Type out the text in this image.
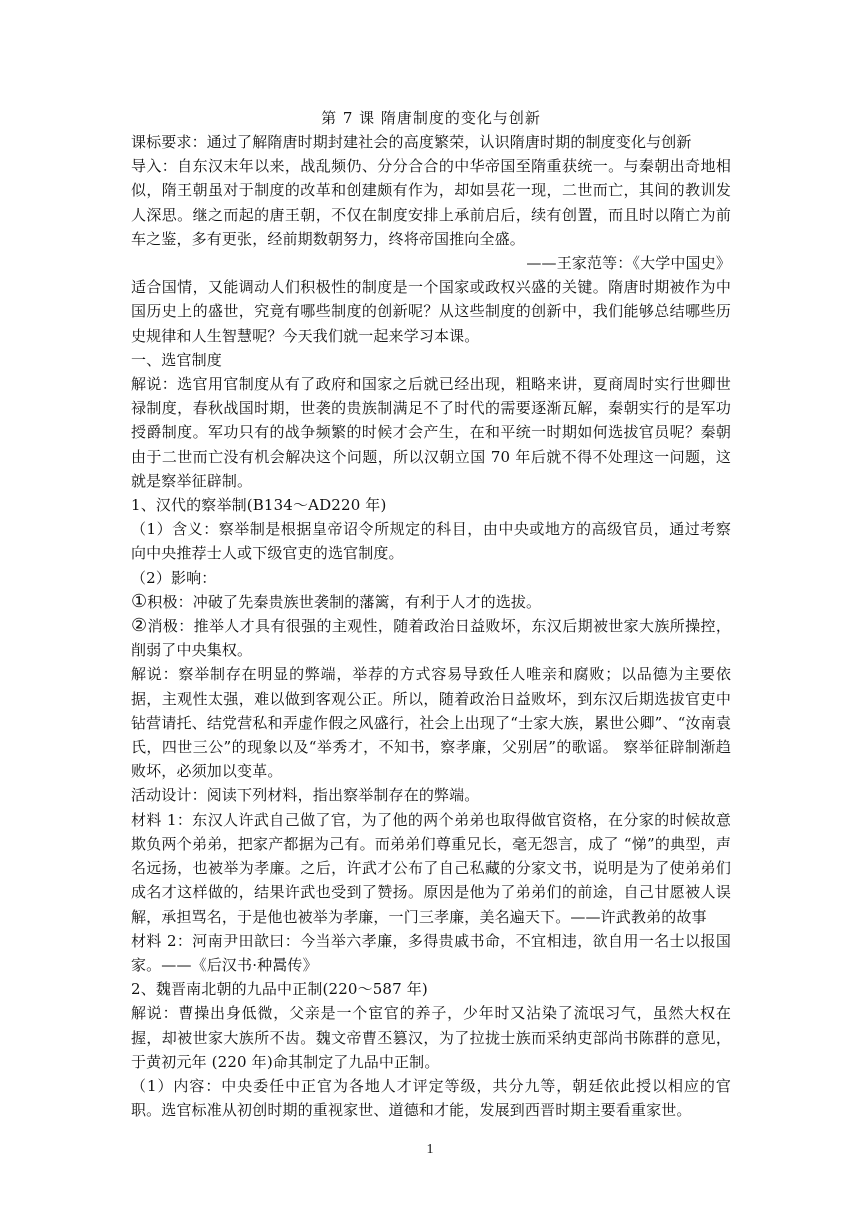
第 7 课 隋唐制度的变化与创新

课标要求：通过了解隋唐时期封建社会的高度繁荣，认识隋唐时期的制度变化与创新

导入：自东汉末年以来，战乱频仍、分分合合的中华帝国至隋重获统一。与秦朝出奇地相似，隋王朝虽对于制度的改革和创建颇有作为，却如昙花一现，二世而亡，其间的教训发人深思。继之而起的唐王朝，不仅在制度安排上承前启后，续有创置，而且时以隋亡为前车之鉴，多有更张，经前期数朝努力，终将帝国推向全盛。

——王家范等：《大学中国史》

适合国情，又能调动人们积极性的制度是一个国家或政权兴盛的关键。隋唐时期被作为中国历史上的盛世，究竟有哪些制度的创新呢？从这些制度的创新中，我们能够总结哪些历史规律和人生智慧呢？今天我们就一起来学习本课。

一、选官制度

解说：选官用官制度从有了政府和国家之后就已经出现，粗略来讲，夏商周时实行世卿世禄制度，春秋战国时期，世袭的贵族制满足不了时代的需要逐渐瓦解，秦朝实行的是军功授爵制度。军功只有的战争频繁的时候才会产生，在和平统一时期如何选拔官员呢？秦朝由于二世而亡没有机会解决这个问题，所以汉朝立国 70 年后就不得不处理这一问题，这就是察举征辟制。

1、汉代的察举制(B134～AD220 年)

（1）含义：察举制是根据皇帝诏令所规定的科目，由中央或地方的高级官员，通过考察向中央推荐士人或下级官吏的选官制度。

（2）影响：

①积极：冲破了先秦贵族世袭制的藩篱，有利于人才的选拔。

②消极：推举人才具有很强的主观性，随着政治日益败坏，东汉后期被世家大族所操控，削弱了中央集权。

解说：察举制存在明显的弊端，举荐的方式容易导致任人唯亲和腐败；以品德为主要依据，主观性太强，难以做到客观公正。所以，随着政治日益败坏，到东汉后期选拔官吏中钻营请托、结党营私和弄虚作假之风盛行，社会上出现了“士家大族，累世公卿”、“汝南袁氏，四世三公”的现象以及“举秀才，不知书，察孝廉，父别居”的歌谣。 察举征辟制渐趋败坏，必须加以变革。

活动设计：阅读下列材料，指出察举制存在的弊端。

材料 1：东汉人许武自己做了官，为了他的两个弟弟也取得做官资格，在分家的时候故意欺负两个弟弟，把家产都据为己有。而弟弟们尊重兄长，毫无怨言，成了 “悌”的典型，声名远扬，也被举为孝廉。之后，许武才公布了自己私藏的分家文书，说明是为了使弟弟们成名才这样做的，结果许武也受到了赞扬。原因是他为了弟弟们的前途，自己甘愿被人误解，承担骂名，于是他也被举为孝廉，一门三孝廉，美名遍天下。——许武教弟的故事

材料 2：河南尹田歆曰：今当举六孝廉，多得贵戚书命，不宜相违，欲自用一名士以报国家。——《后汉书·种暠传》

2、魏晋南北朝的九品中正制(220～587 年)

解说：曹操出身低微，父亲是一个宦官的养子，少年时又沾染了流氓习气，虽然大权在握，却被世家大族所不齿。魏文帝曹丕篡汉，为了拉拢士族而采纳吏部尚书陈群的意见，于黄初元年 (220 年)命其制定了九品中正制。

（1）内容：中央委任中正官为各地人才评定等级，共分九等，朝廷依此授以相应的官职。选官标准从初创时期的重视家世、道德和才能，发展到西晋时期主要看重家世。

1
